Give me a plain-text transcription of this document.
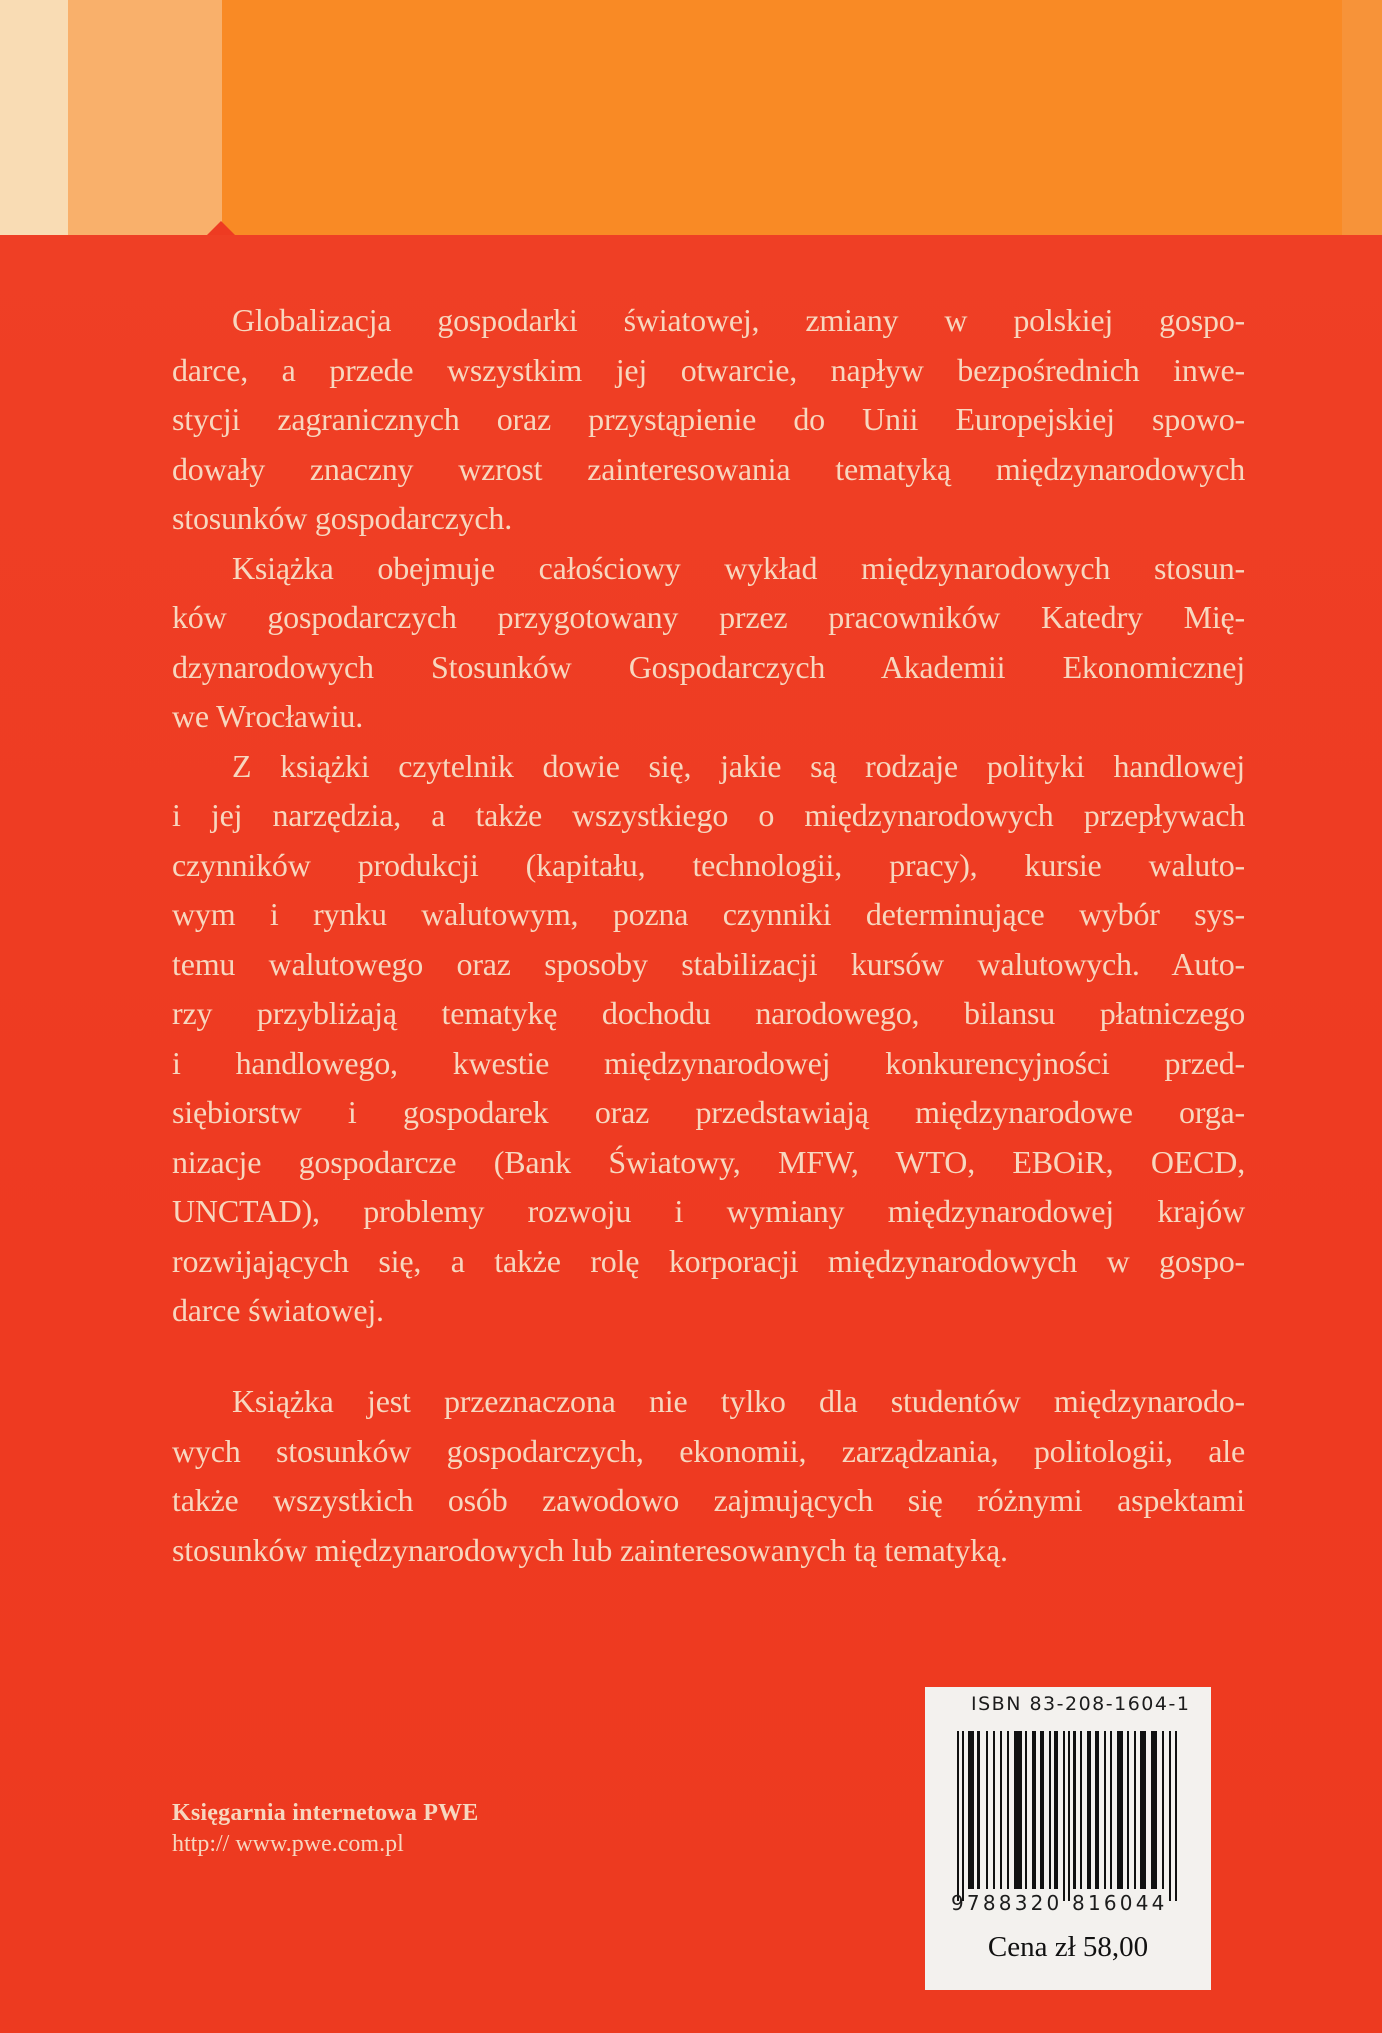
Globalizacja gospodarki światowej, zmiany w polskiej gospo-
darce, a przede wszystkim jej otwarcie, napływ bezpośrednich inwe-
stycji zagranicznych oraz przystąpienie do Unii Europejskiej spowo-
dowały znaczny wzrost zainteresowania tematyką międzynarodowych
stosunków gospodarczych.

Książka obejmuje całościowy wykład międzynarodowych stosun-
ków gospodarczych przygotowany przez pracowników Katedry Mię-
dzynarodowych Stosunków Gospodarczych Akademii Ekonomicznej
we Wrocławiu.

Z książki czytelnik dowie się, jakie są rodzaje polityki handlowej
i jej narzędzia, a także wszystkiego o międzynarodowych przepływach
czynników produkcji (kapitału, technologii, pracy), kursie waluto-
wym i rynku walutowym, pozna czynniki determinujące wybór sys-
temu walutowego oraz sposoby stabilizacji kursów walutowych. Auto-
rzy przybliżają tematykę dochodu narodowego, bilansu płatniczego
i handlowego, kwestie międzynarodowej konkurencyjności przed-
siębiorstw i gospodarek oraz przedstawiają międzynarodowe orga-
nizacje gospodarcze (Bank Światowy, MFW, WTO, EBOiR, OECD,
UNCTAD), problemy rozwoju i wymiany międzynarodowej krajów
rozwijających się, a także rolę korporacji międzynarodowych w gospo-
darce światowej.

Książka jest przeznaczona nie tylko dla studentów międzynarodo-
wych stosunków gospodarczych, ekonomii, zarządzania, politologii, ale
także wszystkich osób zawodowo zajmujących się różnymi aspektami
stosunków międzynarodowych lub zainteresowanych tą tematyką.

Księgarnia internetowa PWE
http:// www.pwe.com.pl
ISBN 83-208-1604-1
9788320 816044
Cena zł 58,00
